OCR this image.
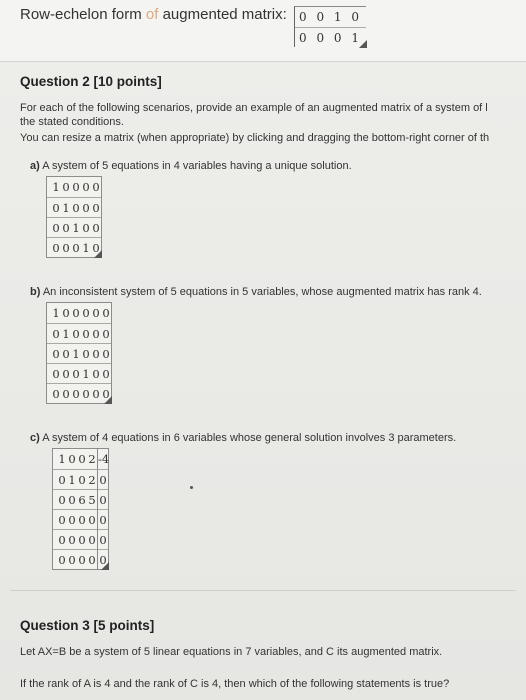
Row-echelon form of augmented matrix:	0 0 1 0
0 0 0 1
Question 2 [10 points]
For each of the following scenarios, provide an example of an augmented matrix of a system of l
the stated conditions.
You can resize a matrix (when appropriate) by clicking and dragging the bottom-right corner of th
a) A system of 5 equations in 4 variables having a unique solution.
1 0 0 0 0
0 1 0 0 0
0 0 1 0 0
0 0 0 1 0
b) An inconsistent system of 5 equations in 5 variables, whose augmented matrix has rank 4.
1 0 0 0 0 0
0 1 0 0 0 0
0 0 1 0 0 0
0 0 0 1 0 0
0 0 0 0 0 0
c) A system of 4 equations in 6 variables whose general solution involves 3 parameters.
1 0 0 2 -4
0 1 0 2 0
0 0 6 5 0
0 0 0 0 0
0 0 0 0 0
0 0 0 0 0
Question 3 [5 points]
Let AX=B be a system of 5 linear equations in 7 variables, and C its augmented matrix.
If the rank of A is 4 and the rank of C is 4, then which of the following statements is true?
